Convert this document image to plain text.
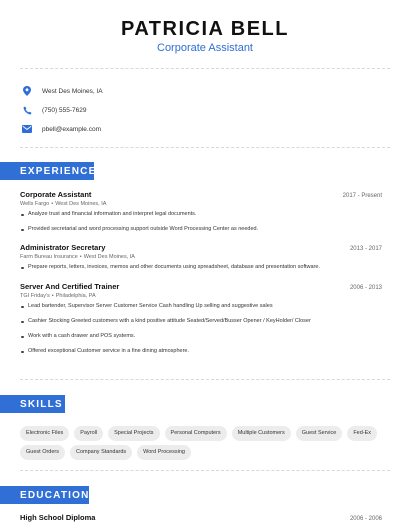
PATRICIA BELL
Corporate Assistant
West Des Moines, IA
(750) 555-7629
pbell@example.com
EXPERIENCE
Corporate Assistant	2017 - Present
Wells Fargo • West Des Moines, IA
Analyze trust and financial information and interpret legal documents.
Provided secretarial and word processing support outside Word Processing Center as needed.
Administrator Secretary	2013 - 2017
Farm Bureau Insurance • West Des Moines, IA
Prepare reports, letters, invoices, memos and other documents using spreadsheet, database and presentation software.
Server And Certified Trainer	2006 - 2013
TGI Friday's • Philadelphia, PA
Lead bartender, Supervisor Server Customer Service Cash handling Up selling and suggestive sales
Cashier Stocking Greeted customers with a kind positive attitude Seated/Served/Busser Opener / KeyHolder/ Closer
Work with a cash drawer and POS systems.
Offered exceptional Customer service in a fine dining atmosphere.
SKILLS
Electronic Files	Payroll	Special Projects	Personal Computers	Multiple Customers	Guest Service	Fed-Ex
Guest Orders	Company Standards	Word Processing
EDUCATION
High School Diploma	2006 - 2006
